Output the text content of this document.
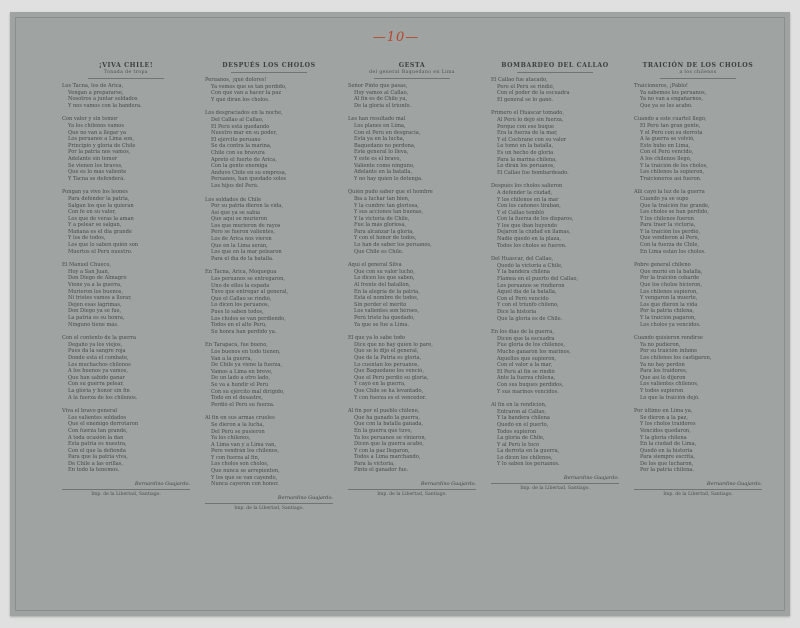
—10—
¡VIVA CHILE!
Tonada de tropa
Los Tacna, los de Arica,
Vengan a prepararse,
Nosotros a juntar soldados
Y nos vamos con la bandera.
Con valor y sin temor
Ya los chilenos vamos
Que no van a llegar ya
Los peruanos a Lima son,
Principio y gloria de Chile
Por la patria nos vamos,
Adelante sin temor
Se vienen los bravos,
Que es lo más valiente
Y Tacna se defenderá.
Pongan ya vivo los leones
Para defender la patria,
Salgan los que la quieran
Con fe en su valor,
Los que de veras la aman
Y a pelear se salgan,
Mañana es el día grande
Y los de todos,
Los que lo saben quién son
Muertos el Perú nuestro.
El Manuel Chueco,
Hoy a San Juan,
Don Diego de Almagro
Viene ya a la guerra,
Murieron los buenos,
Ni tristes vamos a llorar,
Dejen esas lágrimas,
Don Diego ya se fue,
La patria es su honra,
Ninguno tiene más.
Con el contento de la guerra
Degaño ya los viejos,
Pues da la sangre roja
Donde está el combate,
Los muchachos chilenos
A los buenos ya vamos,
Que han sabido ganar
Con su guerra pelear,
La gloria y honor sin fin
A la fuerza de los chilenos.
Viva el bravo general
Los valientes soldados
Que el enemigo derrotaron
Con fuerza tan grande,
A toda ocasión la dan
Esta patria es nuestra,
Con el que la defienda
Para que la patria viva,
De Chile a las orillas,
En todo la tenemos.
Bernardino Guajardo.
Imp. de la Libertad, Santiago.
DESPUÉS LOS CHOLOS
Peruanos, ¡qué dolores!
Ya vemos que es tan perdido,
Con qué van a hacer la paz
Y qué dirán los cholos.
Los desgraciados en la noche,
Del Callao al Callao,
El Perú está quedando
Nuestro mar en su poder,
El ejército peruano
Se da contra la marina,
Chile con su bravura
Apretó el fuerte de Arica,
Con la gente enemiga
Anduvo Chile en su empresa,
Peruanos, han quedado solos
Los hijos del Perú.
Los soldados de Chile
Por su patria dieron la vida,
Así que ya se sabía
Que aquí se murieron
Los que murieron de rayos
Pero se fueron valientes,
Los de Arica nos vieron
Que en la Lima serán,
Los que en la mar pelearon
Para el día de la batalla.
En Tacna, Arica, Moquegua
Los peruanos se entregaron,
Uno de ellos la espada
Tuvo que entregar al general,
Que el Callao se rindió,
Lo dicen los peruanos,
Pues lo saben todos,
Los cholos se van perdiendo,
Todos en el alto Perú,
Su honra han perdido ya.
En Tarapacá, fue bueno,
Los buenos en todo tienen,
Van a la guerra,
De Chile ya viene la fuerza,
Vamos a Lima en breve,
De un lado a otro lado,
Se va a hundir el Perú
Con su ejército mal dirigido,
Todo en el desastre,
Perdió el Perú su fuerza.
Al fin en sus armas crueles
Se dieron a la lucha,
Del Perú se pusieron
Ya los chilenos,
A Lima van y a Lima van,
Pero vendrán los chilenos,
Y con fuerza al fin,
Los cholos son cholos,
Que nunca se arrepienten,
Y los que se van cayendo,
Nunca cayeron con honor.
Bernardino Guajardo.
Imp. de la Libertad, Santiago.
GESTA
del general Baquedano en Lima
Señor Pinto que pasas,
Hoy vamos al Callao,
Al fin es de Chile ya,
De la gloria el triunfo.
Les han resultado mal
Los planes en Lima,
Con el Perú en desgracia,
Está ya en la lucha,
Baquedano no perdona,
Este general lo lleva,
Y este es el bravo,
Valiente como ninguno,
Adelante en la batalla,
Y no hay quien lo detenga.
Quién pudo saber que el hombre
Iba a luchar tan bien,
Y la cumbre tan gloriosa,
Y sus acciones tan buenas,
Y la victoria de Chile,
Fue la más gloriosa,
Para alcanzar la gloria,
Y con el honor de todos,
Lo han de saber los peruanos,
Que Chile es Chile.
Aquí el general Silva
Que con su valor luchó,
Lo dicen los que saben,
Al frente del batallón,
En la alegría de la patria,
Está el nombre de todos,
Sin perder el mérito
Los valientes son héroes,
Perú triste ha quedado,
Ya que se fue a Lima.
El que ya lo sabe todo
Dice que no hay quien lo pare,
Que se lo dijo el general,
Que de la Patria es gloria,
Lo cuentan los peruanos,
Que Baquedano los venció,
Que el Perú perdió su gloria,
Y cayó en la guerra,
Que Chile se ha levantado,
Y con fuerza es el vencedor.
Al fin por el pueblo chileno,
Que ha ganado la guerra,
Que con la batalla ganada,
En la guerra que tuvo,
Ya los peruanos se vinieron,
Dicen que la guerra acabó,
Y con la paz llegaron,
Todos a Lima marchando,
Para la victoria,
Pinto el ganador fue.
Bernardino Guajardo.
Imp. de la Libertad, Santiago.
BOMBARDEO DEL CALLAO
El Callao fue atacado,
Pero el Perú se rindió,
Con el poder de la escuadra
El general se lo ganó.
Primero el Huáscar tomado,
Al Perú lo dejó sin fuerza,
Porque con ese buque
Era la fuerza de la mar,
Y el Cochrane con su valor
Lo tomó en la batalla,
Es un hecho de gloria
Para la marina chilena,
Lo dirán los peruanos,
El Callao fue bombardeado.
Después los cholos salieron
A defender la ciudad,
Y los chilenos en la mar
Con los cañones tiraban,
Y el Callao tembló
Con la fuerza de los disparos,
Y los que iban huyendo
Dejaron la ciudad en llamas,
Nadie quedó en la plaza,
Todos los cholos se fueron.
Del Huáscar, del Callao,
Quedó la victoria a Chile,
Y la bandera chilena
Flamea en el puerto del Callao,
Los peruanos se rindieron
Aquel día de la batalla,
Con el Perú vencido
Y con el triunfo chileno,
Dice la historia
Que la gloria es de Chile.
En los días de la guerra,
Dicen que la escuadra
Fue gloria de los chilenos,
Mucho ganaron los marinos,
Aquellos que supieron,
Con el valor a la mar,
El Perú al fin se rindió
Ante la fuerza chilena,
Con sus buques perdidos,
Y sus marinos vencidos.
Al fin en la rendición,
Entraron al Callao,
Y la bandera chilena
Quedó en el puerto,
Todos supieron
La gloria de Chile,
Y al Perú le tocó
La derrota en la guerra,
Lo dicen los chilenos,
Y lo saben los peruanos.
Bernardino Guajardo.
Imp. de la Libertad, Santiago.
TRAICIÓN DE LOS CHOLOS
a los chilenos
Traicioneros, ¡Pablo!
Ya sabemos los peruanos,
Ya no van a engañarnos,
Que ya se les acabó.
Cuando a este cuartel llegó,
El Perú tan gran gente,
Y el Perú con su derrota
A la guerra se volvió,
Esto hubo en Lima,
Con el Perú vencido,
A los chilenos llegó,
Y la traición de los cholos,
Los chilenos la supieron,
Traicioneros así fueron.
Allí cayó la luz de la guerra
Cuando ya se supo
Que la traición fue grande,
Los cholos se han perdido,
Y los chilenos fueron
Para traer la victoria,
Y la traición los perdió,
Que vendieron al Perú,
Con la fuerza de Chile,
En Lima están los cholos.
Pobre general chileno
Que murió en la batalla,
Por la traición cobarde
Que los cholos hicieron,
Los chilenos supieron,
Y vengaron la muerte,
Los que dieron la vida
Por la patria chilena,
Y la traición pagaron,
Los cholos ya vencidos.
Cuando quisieron rendirse
Ya no pudieron,
Por su traición infame
Los chilenos los castigaron,
Ya no hay perdón
Para los traidores,
Que así lo dijeron
Los valientes chilenos,
Y todos supieron
Lo que la traición dejó.
Por último en Lima ya,
Se dieron a la paz,
Y los cholos traidores
Vencidos quedaron,
Y la gloria chilena
En la ciudad de Lima,
Quedó en la historia
Para siempre escrita,
De los que lucharon,
Por la patria chilena.
Bernardino Guajardo.
Imp. de la Libertad, Santiago.
